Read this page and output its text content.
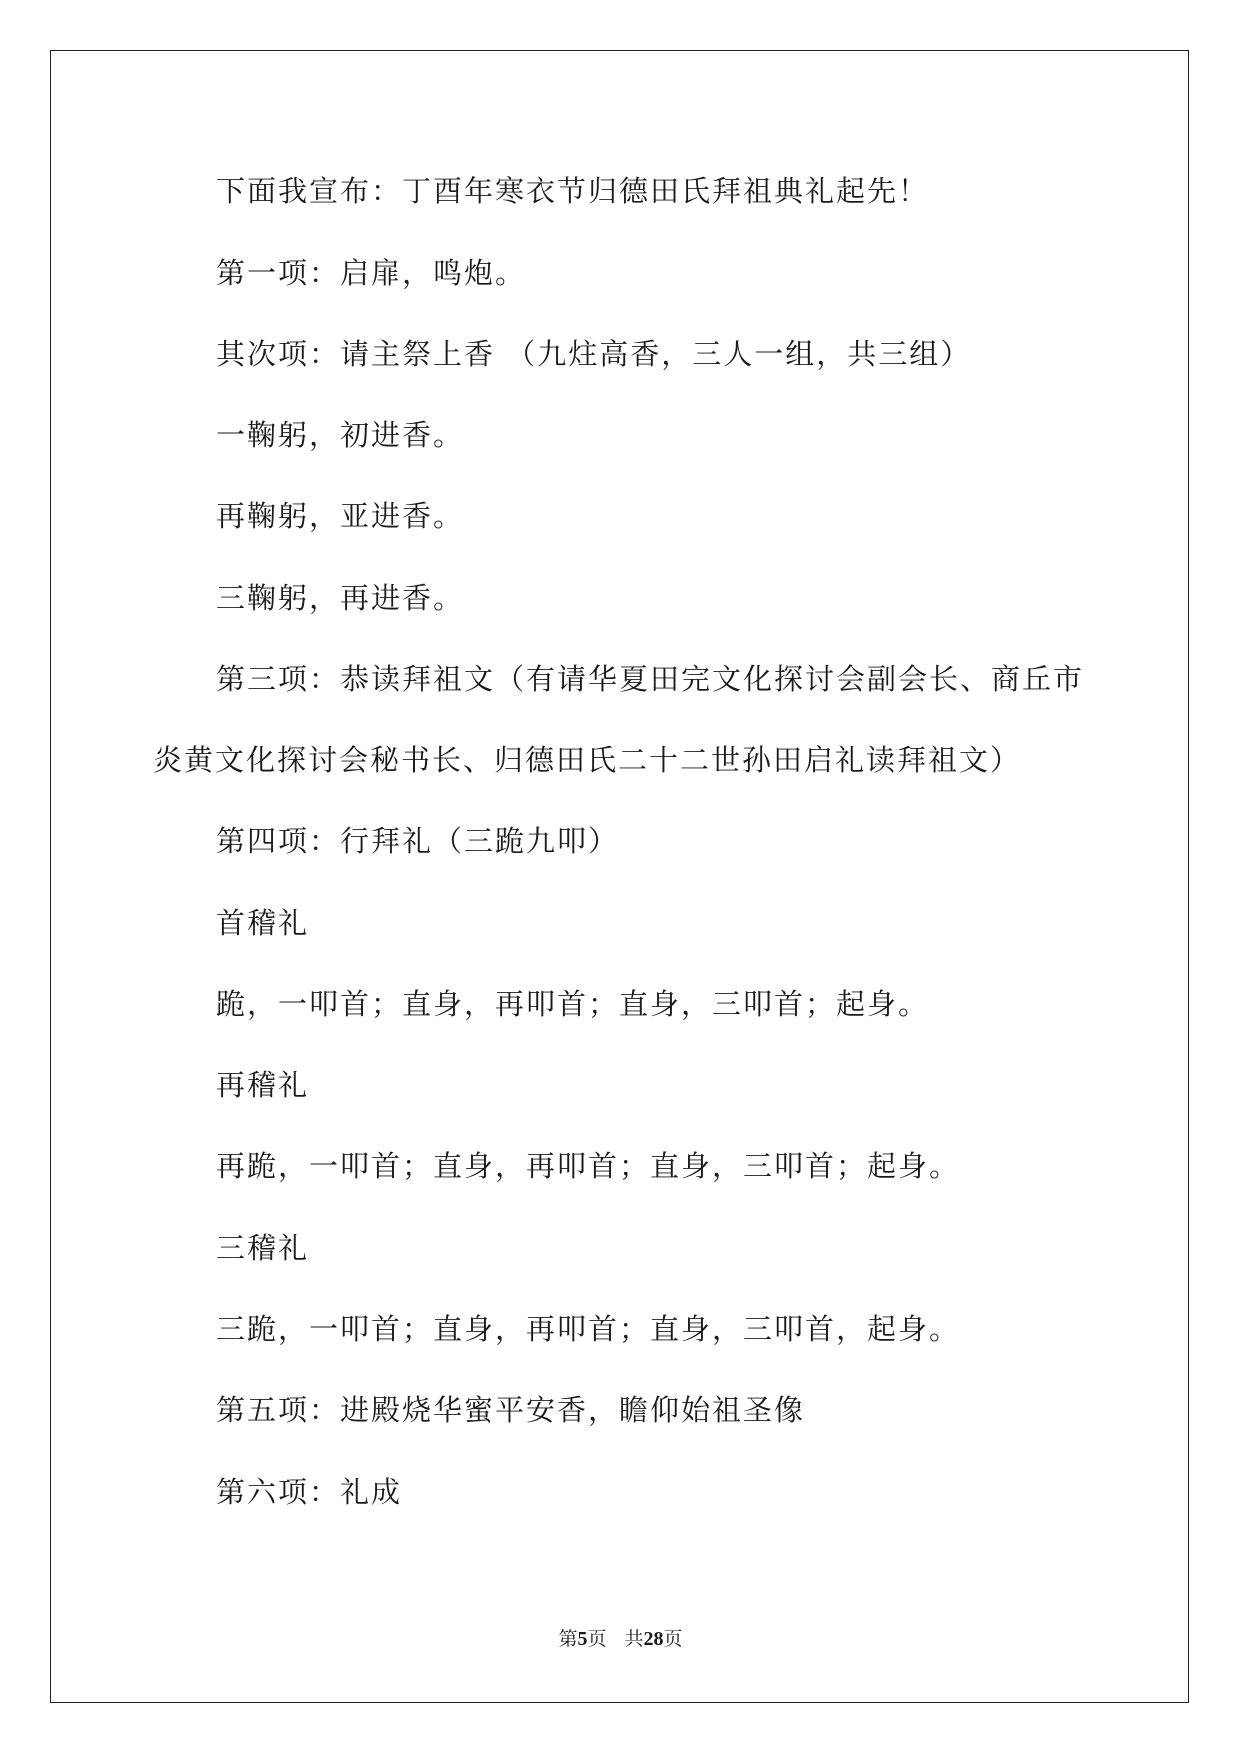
下面我宣布：丁酉年寒衣节归德田氏拜祖典礼起先！

第一项：启扉，鸣炮。

其次项：请主祭上香 （九炷高香，三人一组，共三组）

一鞠躬，初进香。

再鞠躬，亚进香。

三鞠躬，再进香。

第三项：恭读拜祖文（有请华夏田完文化探讨会副会长、商丘市

炎黄文化探讨会秘书长、归德田氏二十二世孙田启礼读拜祖文）

第四项：行拜礼（三跪九叩）

首稽礼

跪，一叩首；直身，再叩首；直身，三叩首；起身。

再稽礼

再跪，一叩首；直身，再叩首；直身，三叩首；起身。

三稽礼

三跪，一叩首；直身，再叩首；直身，三叩首，起身。

第五项：进殿烧华蜜平安香，瞻仰始祖圣像

第六项：礼成

第5页 共28页
